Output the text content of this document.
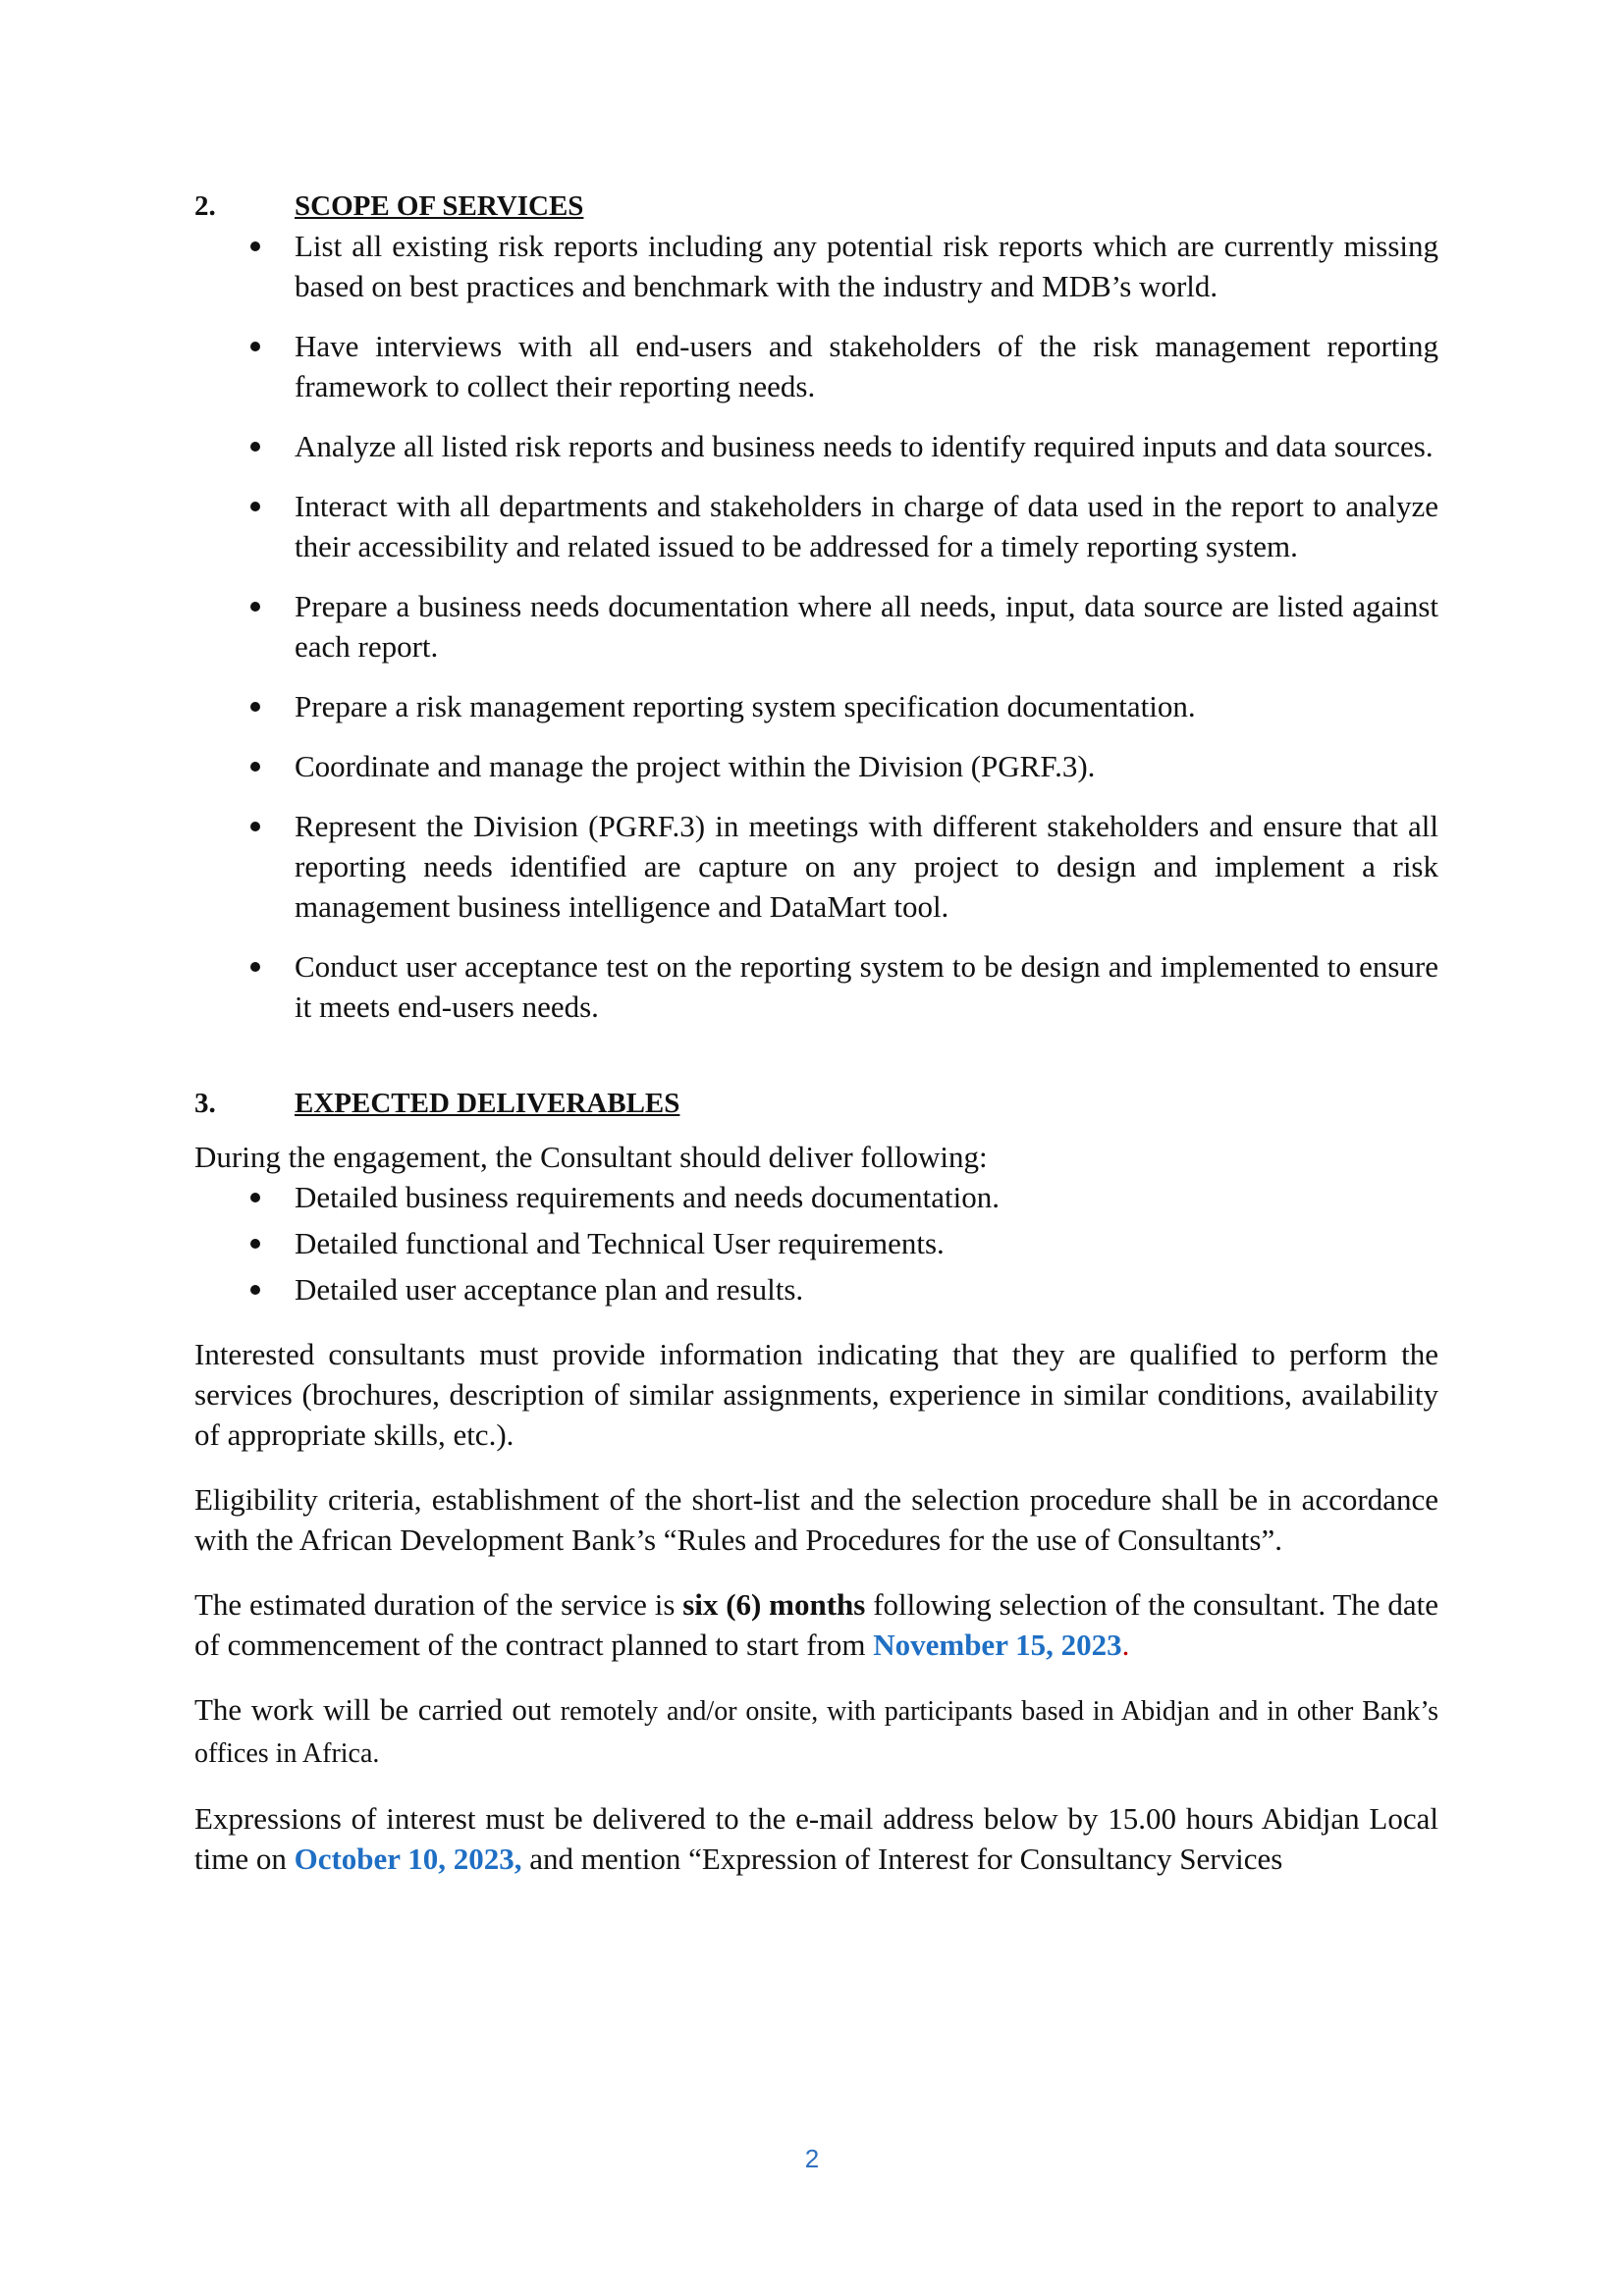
2.	SCOPE OF SERVICES
List all existing risk reports including any potential risk reports which are currently missing based on best practices and benchmark with the industry and MDB’s world.
Have interviews with all end-users and stakeholders of the risk management reporting framework to collect their reporting needs.
Analyze all listed risk reports and business needs to identify required inputs and data sources.
Interact with all departments and stakeholders in charge of data used in the report to analyze their accessibility and related issued to be addressed for a timely reporting system.
Prepare a business needs documentation where all needs, input, data source are listed against each report.
Prepare a risk management reporting system specification documentation.
Coordinate and manage the project within the Division (PGRF.3).
Represent the Division (PGRF.3) in meetings with different stakeholders and ensure that all reporting needs identified are capture on any project to design and implement a risk management business intelligence and DataMart tool.
Conduct user acceptance test on the reporting system to be design and implemented to ensure it meets end-users needs.
3.	EXPECTED DELIVERABLES

During the engagement, the Consultant should deliver following:

Detailed business requirements and needs documentation.
Detailed functional and Technical User requirements.
Detailed user acceptance plan and results.

Interested consultants must provide information indicating that they are qualified to perform the services (brochures, description of similar assignments, experience in similar conditions, availability of appropriate skills, etc.).

Eligibility criteria, establishment of the short-list and the selection procedure shall be in accordance with the African Development Bank’s “Rules and Procedures for the use of Consultants”.

The estimated duration of the service is six (6) months following selection of the consultant. The date of commencement of the contract planned to start from November 15, 2023.

The work will be carried out remotely and/or onsite, with participants based in Abidjan and in other Bank’s offices in Africa.

Expressions of interest must be delivered to the e-mail address below by 15.00 hours Abidjan Local time on October 10, 2023, and mention “Expression of Interest for Consultancy Services

2
